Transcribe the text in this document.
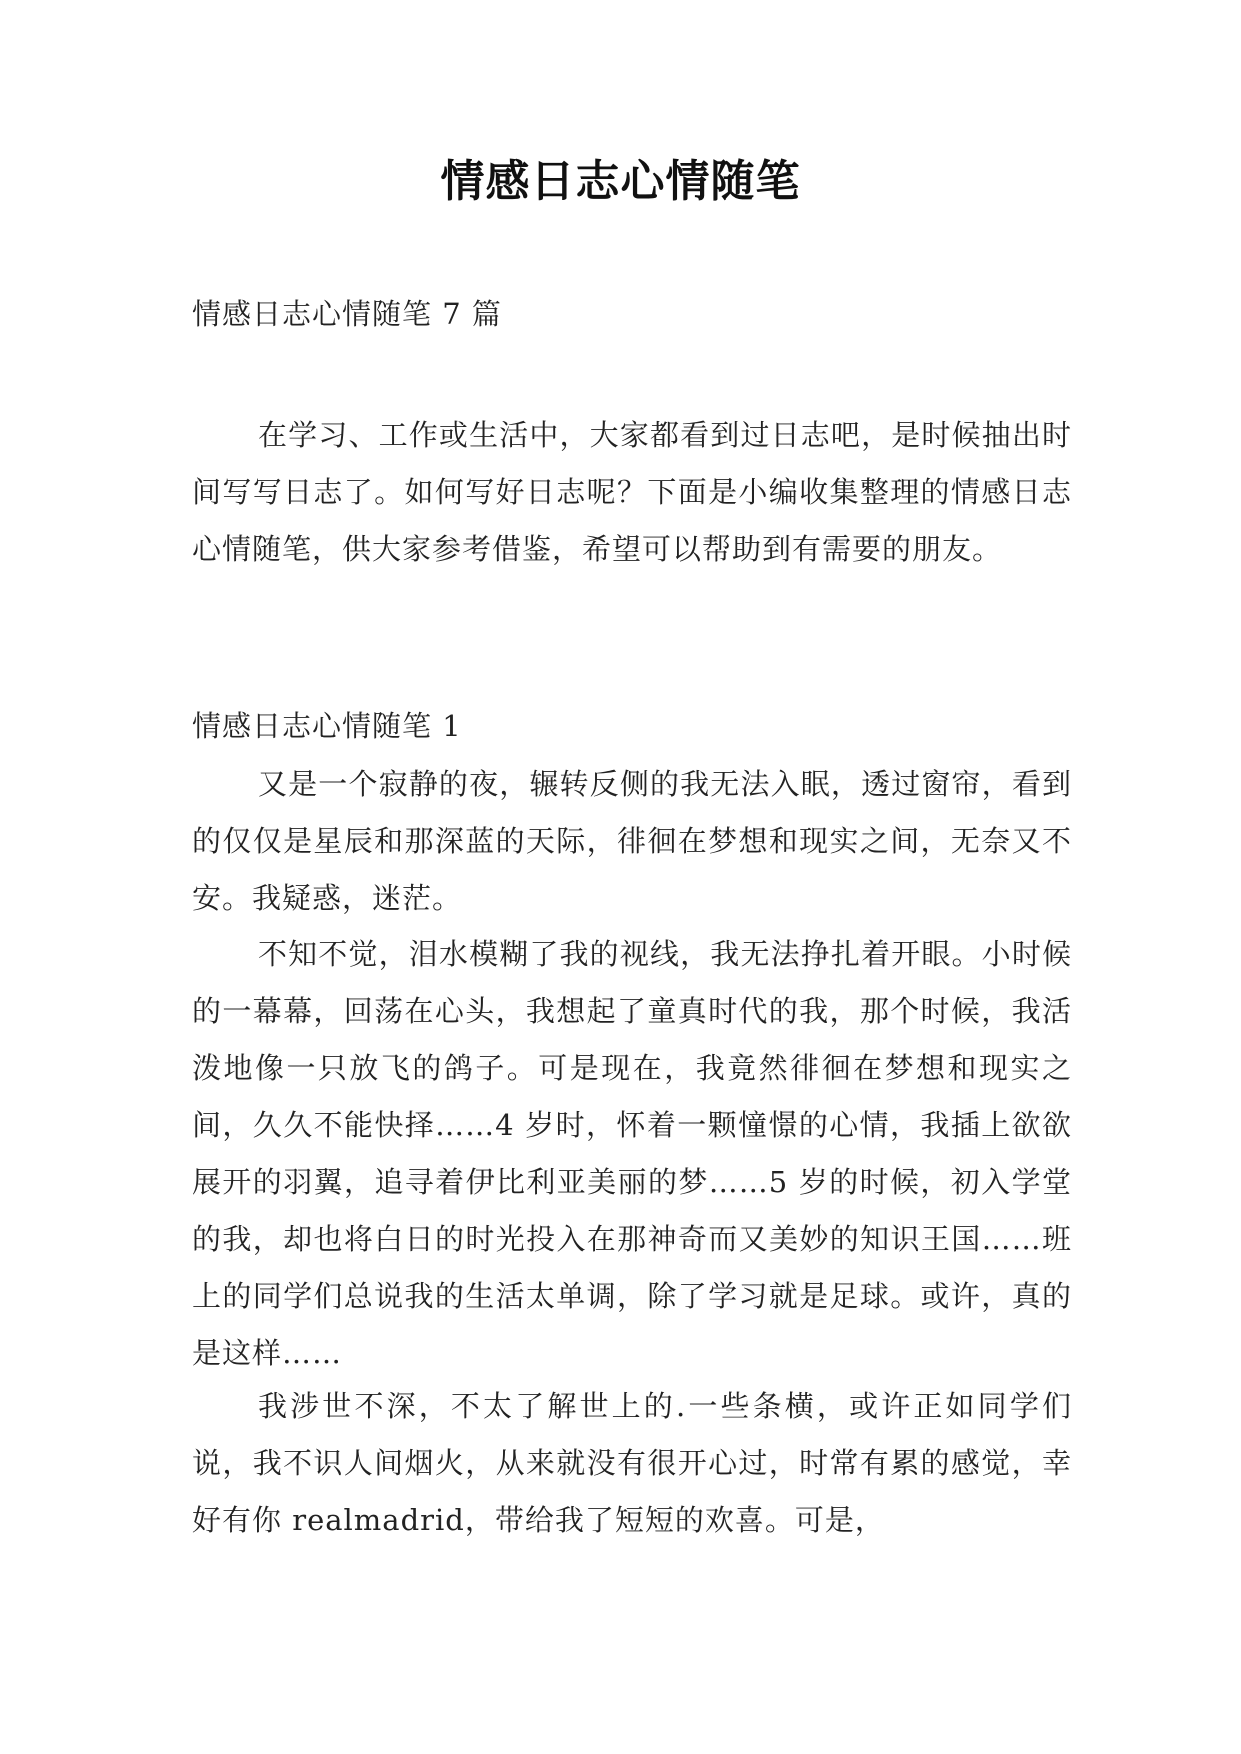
情感日志心情随笔
情感日志心情随笔 7 篇
在学习、工作或生活中，大家都看到过日志吧，是时候抽出时间写写日志了。如何写好日志呢？下面是小编收集整理的情感日志心情随笔，供大家参考借鉴，希望可以帮助到有需要的朋友。
情感日志心情随笔 1
又是一个寂静的夜，辗转反侧的我无法入眠，透过窗帘，看到的仅仅是星辰和那深蓝的天际，徘徊在梦想和现实之间，无奈又不安。我疑惑，迷茫。
不知不觉，泪水模糊了我的视线，我无法挣扎着开眼。小时候的一幕幕，回荡在心头，我想起了童真时代的我，那个时候，我活泼地像一只放飞的鸽子。可是现在，我竟然徘徊在梦想和现实之间，久久不能快择……4 岁时，怀着一颗憧憬的心情，我插上欲欲展开的羽翼，追寻着伊比利亚美丽的梦……5 岁的时候，初入学堂的我，却也将白日的时光投入在那神奇而又美妙的知识王国……班上的同学们总说我的生活太单调，除了学习就是足球。或许，真的是这样……
我涉世不深，不太了解世上的.一些条横，或许正如同学们说，我不识人间烟火，从来就没有很开心过，时常有累的感觉，幸好有你 realmadrid，带给我了短短的欢喜。可是，
